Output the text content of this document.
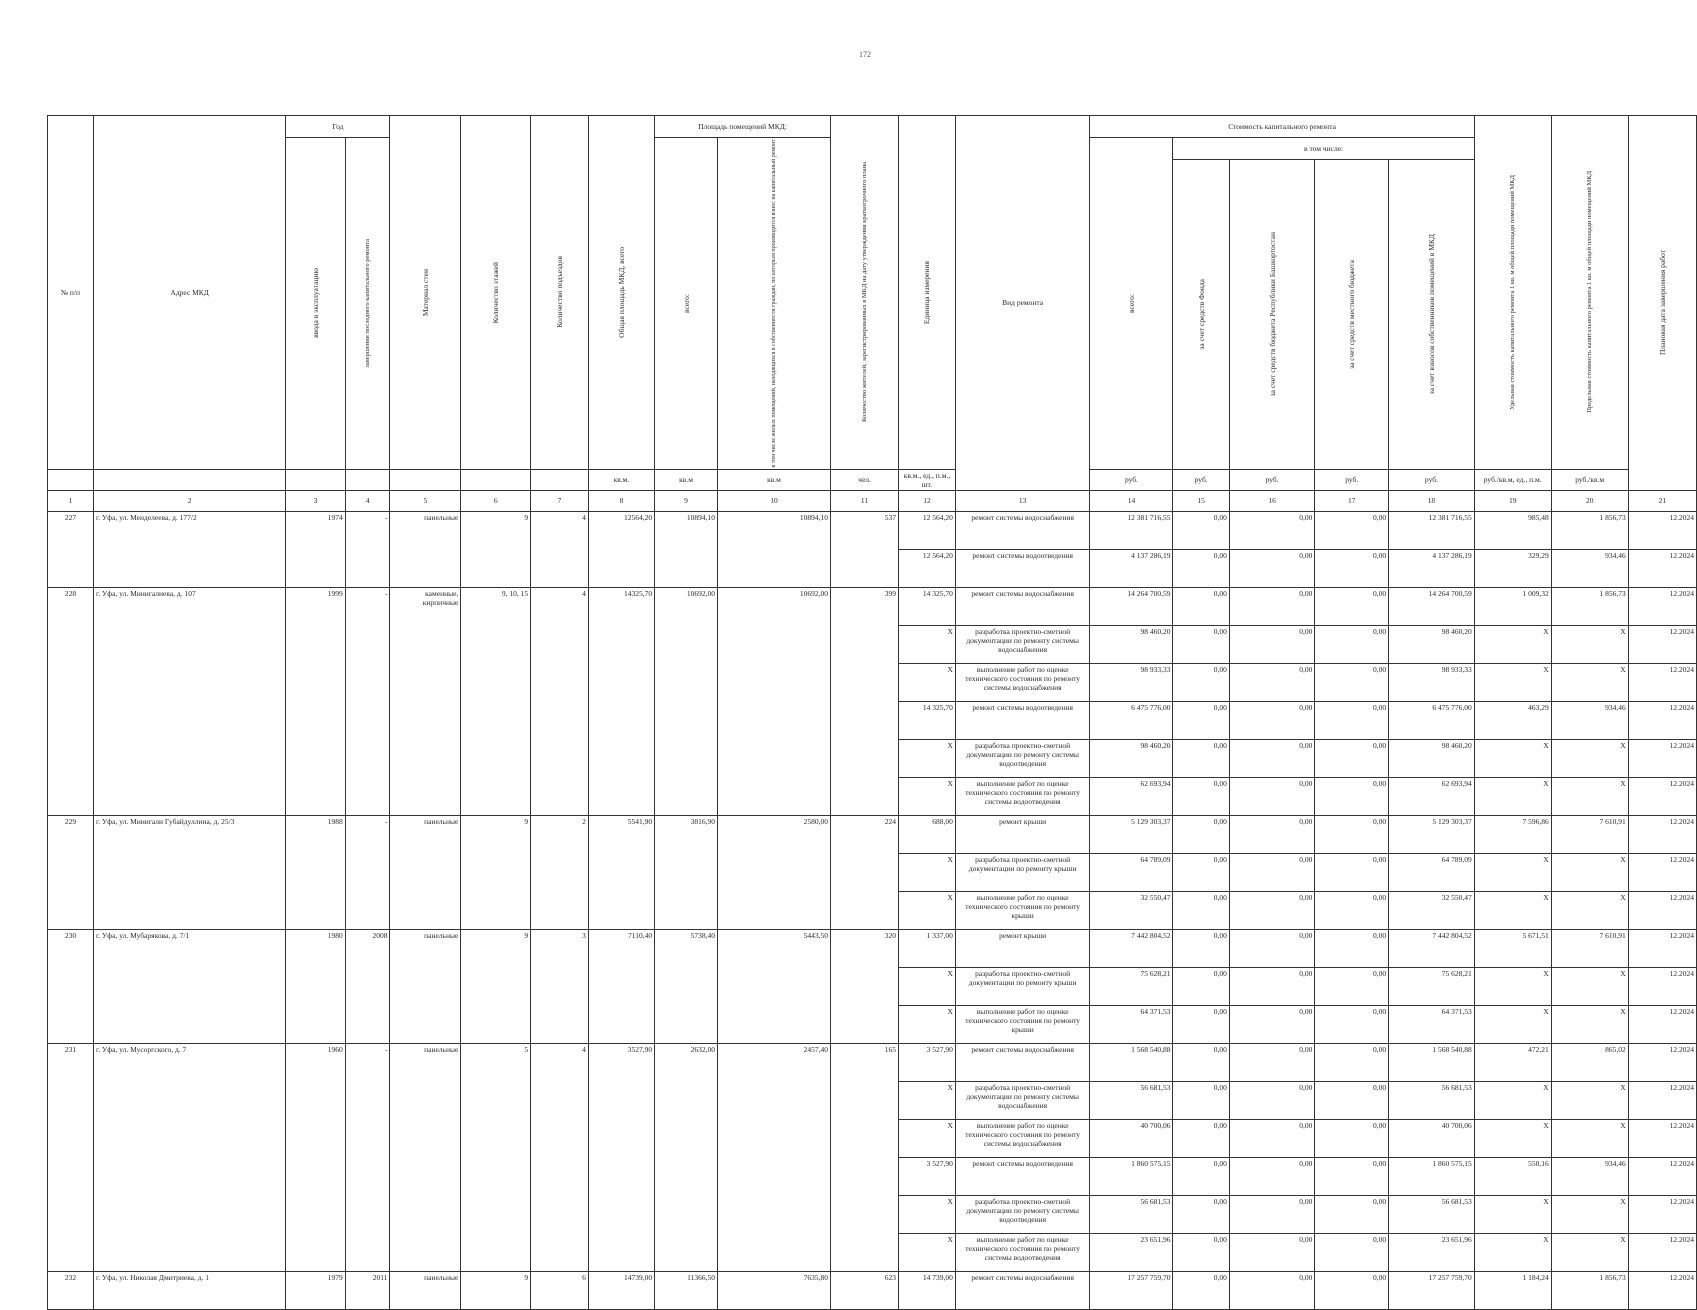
172
№ п/п	Адрес МКД	Год		Материал стен	Количество этажей	Количество подъездов	Общая площадь МКД, всего	Площадь помещений МКД:		Количество жителей, зарегистрированных в МКД на дату утверждения краткосрочного плана	Единица измерения	Вид ремонта	Стоимость капитального ремонта					Удельная стоимость капитального ремонта 1 кв. м общей площади помещений МКД	Предельная стоимость капитального ремонта 1 кв. м общей площади помещений МКД	Плановая дата завершения работ

		ввода в эксплуатацию	завершения последнего капитального ремонта					всего:	в том числе жилых помещений, находящихся в собственности граждан, по которым производится взнос на капитальный ремонт				всего:	в том числе:						

														за счет средств Фонда	за счет средств бюджета Республики Башкортостан	за счет средств местного бюджета	за счет взносов собственников помещений в МКД			

							кв.м.	кв.м	кв.м	чел.	кв.м., ед., п.м., шт.		руб.	руб.	руб.	руб.	руб.	руб./кв.м, ед., п.м.	руб./кв.м	
1	2	3	4	5	6	7	8	9	10	11	12	13	14	15	16	17	18	19	20	21
227	г. Уфа, ул. Менделеева, д. 177/2	1974	-	панельные	9	4	12564,20	10894,10	10894,10	537	12 564,20	ремонт системы водоснабжения	12 381 716,55	0,00	0,00	0,00	12 381 716,55	985,48	1 856,73	12.2024
											12 564,20	ремонт системы водоотведения	4 137 286,19	0,00	0,00	0,00	4 137 286,19	329,29	934,46	12.2024
228	г. Уфа, ул. Минигалиева, д. 107	1999	-	каменные, кирпичные	9, 10, 15	4	14325,70	10692,00	10692,00	399	14 325,70	ремонт системы водоснабжения	14 264 700,59	0,00	0,00	0,00	14 264 700,59	1 009,32	1 856,73	12.2024
											X	разработка проектно-сметной документации по ремонту системы водоснабжения	98 460,20	0,00	0,00	0,00	98 460,20	X	X	12.2024
											X	выполнение работ по оценке технического состояния по ремонту системы водоснабжения	98 933,33	0,00	0,00	0,00	98 933,33	X	X	12.2024
											14 325,70	ремонт системы водоотведения	6 475 776,00	0,00	0,00	0,00	6 475 776,00	463,29	934,46	12.2024
											X	разработка проектно-сметной документации по ремонту системы водоотведения	98 460,20	0,00	0,00	0,00	98 460,20	X	X	12.2024
											X	выполнение работ по оценке технического состояния по ремонту системы водоотведения	62 693,94	0,00	0,00	0,00	62 693,94	X	X	12.2024
229	г. Уфа, ул. Минигали Губайдуллина, д. 25/3	1988	-	панельные	9	2	5541,90	3816,90	2580,00	224	688,00	ремонт крыши	5 129 303,37	0,00	0,00	0,00	5 129 303,37	7 596,86	7 610,91	12.2024
											X	разработка проектно-сметной документации по ремонту крыши	64 789,09	0,00	0,00	0,00	64 789,09	X	X	12.2024
											X	выполнение работ по оценке технического состояния по ремонту крыши	32 550,47	0,00	0,00	0,00	32 550,47	X	X	12.2024
230	г. Уфа, ул. Мубарякова, д. 7/1	1980	2008	панельные	9	3	7110,40	5738,40	5443,50	320	1 337,00	ремонт крыши	7 442 804,52	0,00	0,00	0,00	7 442 804,52	5 671,51	7 610,91	12.2024
											X	разработка проектно-сметной документации по ремонту крыши	75 628,21	0,00	0,00	0,00	75 628,21	X	X	12.2024
											X	выполнение работ по оценке технического состояния по ремонту крыши	64 371,53	0,00	0,00	0,00	64 371,53	X	X	12.2024
231	г. Уфа, ул. Мусоргского, д. 7	1960	-	панельные	5	4	3527,90	2632,00	2457,40	165	3 527,90	ремонт системы водоснабжения	1 568 540,88	0,00	0,00	0,00	1 568 540,88	472,21	865,02	12.2024
											X	разработка проектно-сметной документации по ремонту системы водоснабжения	56 681,53	0,00	0,00	0,00	56 681,53	X	X	12.2024
											X	выполнение работ по оценке технического состояния по ремонту системы водоснабжения	40 700,06	0,00	0,00	0,00	40 700,06	X	X	12.2024
											3 527,90	ремонт системы водоотведения	1 860 575,15	0,00	0,00	0,00	1 860 575,15	550,16	934,46	12.2024
											X	разработка проектно-сметной документации по ремонту системы водоотведения	56 681,53	0,00	0,00	0,00	56 681,53	X	X	12.2024
											X	выполнение работ по оценке технического состояния по ремонту системы водоотведения	23 651,96	0,00	0,00	0,00	23 651,96	X	X	12.2024
232	г. Уфа, ул. Николая Дмитриева, д. 1	1979	2011	панельные	9	6	14739,00	11366,50	7635,80	623	14 739,00	ремонт системы водоснабжения	17 257 759,70	0,00	0,00	0,00	17 257 759,70	1 184,24	1 856,73	12.2024
